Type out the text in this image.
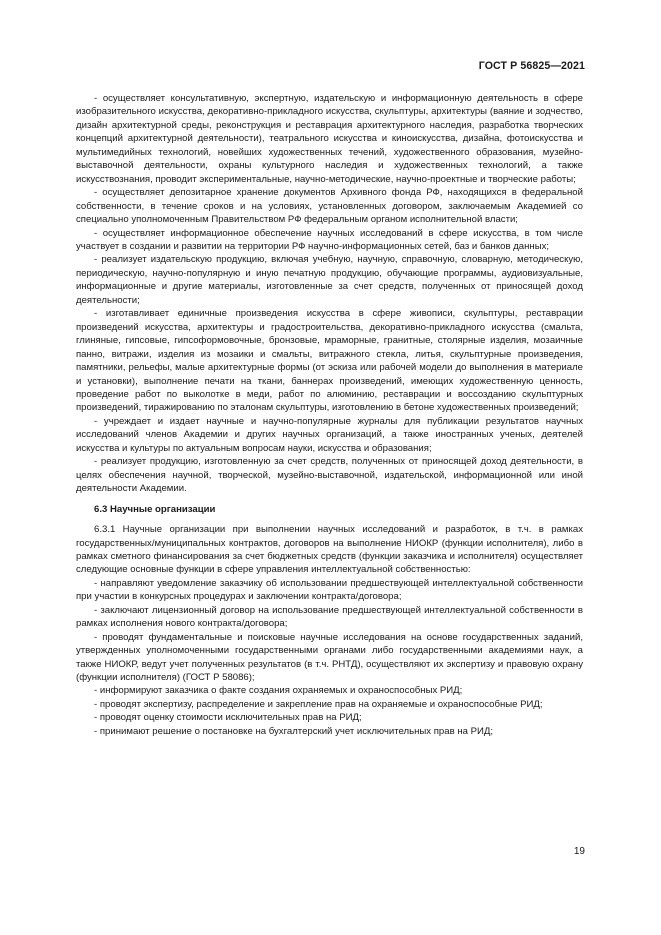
ГОСТ Р 56825—2021

- осуществляет консультативную, экспертную, издательскую и информационную деятельность в сфере изобразительного искусства, декоративно-прикладного искусства, скульптуры, архитектуры (ваяние и зодчество, дизайн архитектурной среды, реконструкция и реставрация архитектурного наследия, разработка творческих концепций архитектурной деятельности), театрального искусства и киноискусства, дизайна, фотоискусства и мультимедийных технологий, новейших художественных течений, художественного образования, музейно-выставочной деятельности, охраны культурного наследия и художественных технологий, а также искусствознания, проводит экспериментальные, научно-методические, научно-проектные и творческие работы;

- осуществляет депозитарное хранение документов Архивного фонда РФ, находящихся в федеральной собственности, в течение сроков и на условиях, установленных договором, заключаемым Академией со специально уполномоченным Правительством РФ федеральным органом исполнительной власти;

- осуществляет информационное обеспечение научных исследований в сфере искусства, в том числе участвует в создании и развитии на территории РФ научно-информационных сетей, баз и банков данных;

- реализует издательскую продукцию, включая учебную, научную, справочную, словарную, методическую, периодическую, научно-популярную и иную печатную продукцию, обучающие программы, аудиовизуальные, информационные и другие материалы, изготовленные за счет средств, полученных от приносящей доход деятельности;

- изготавливает единичные произведения искусства в сфере живописи, скульптуры, реставрации произведений искусства, архитектуры и градостроительства, декоративно-прикладного искусства (смальта, глиняные, гипсовые, гипсоформовочные, бронзовые, мраморные, гранитные, столярные изделия, мозаичные панно, витражи, изделия из мозаики и смальты, витражного стекла, литья, скульптурные произведения, памятники, рельефы, малые архитектурные формы (от эскиза или рабочей модели до выполнения в материале и установки), выполнение печати на ткани, баннерах произведений, имеющих художественную ценность, проведение работ по выколотке в меди, работ по алюминию, реставрации и воссозданию скульптурных произведений, тиражированию по эталонам скульптуры, изготовлению в бетоне художественных произведений;

- учреждает и издает научные и научно-популярные журналы для публикации результатов научных исследований членов Академии и других научных организаций, а также иностранных ученых, деятелей искусства и культуры по актуальным вопросам науки, искусства и образования;

- реализует продукцию, изготовленную за счет средств, полученных от приносящей доход деятельности, в целях обеспечения научной, творческой, музейно-выставочной, издательской, информационной или иной деятельности Академии.

6.3 Научные организации

6.3.1 Научные организации при выполнении научных исследований и разработок, в т.ч. в рамках государственных/муниципальных контрактов, договоров на выполнение НИОКР (функции исполнителя), либо в рамках сметного финансирования за счет бюджетных средств (функции заказчика и исполнителя) осуществляет следующие основные функции в сфере управления интеллектуальной собственностью:

- направляют уведомление заказчику об использовании предшествующей интеллектуальной собственности при участии в конкурсных процедурах и заключении контракта/договора;

- заключают лицензионный договор на использование предшествующей интеллектуальной собственности в рамках исполнения нового контракта/договора;

- проводят фундаментальные и поисковые научные исследования на основе государственных заданий, утвержденных уполномоченными государственными органами либо государственными академиями наук, а также НИОКР, ведут учет полученных результатов (в т.ч. РНТД), осуществляют их экспертизу и правовую охрану (функции исполнителя) (ГОСТ Р 58086);

- информируют заказчика о факте создания охраняемых и охраноспособных РИД;

- проводят экспертизу, распределение и закрепление прав на охраняемые и охраноспособные РИД;

- проводят оценку стоимости исключительных прав на РИД;

- принимают решение о постановке на бухгалтерский учет исключительных прав на РИД;

19
